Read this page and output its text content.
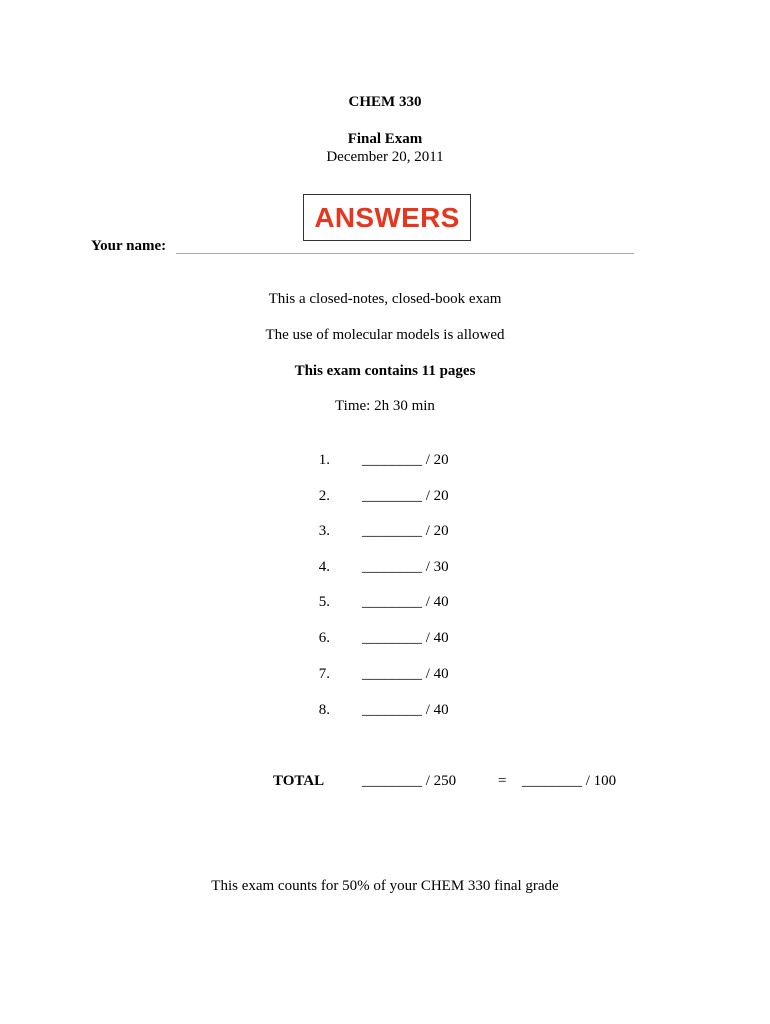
CHEM 330
Final Exam
December 20, 2011
ANSWERS
Your name:
This a closed-notes, closed-book exam
The use of molecular models is allowed
This exam contains 11 pages
Time: 2h 30 min
1. ________ / 20
2. ________ / 20
3. ________ / 20
4. ________ / 30
5. ________ / 40
6. ________ / 40
7. ________ / 40
8. ________ / 40
TOTAL	________ / 250	= ________ / 100
This exam counts for 50% of your CHEM 330 final grade
